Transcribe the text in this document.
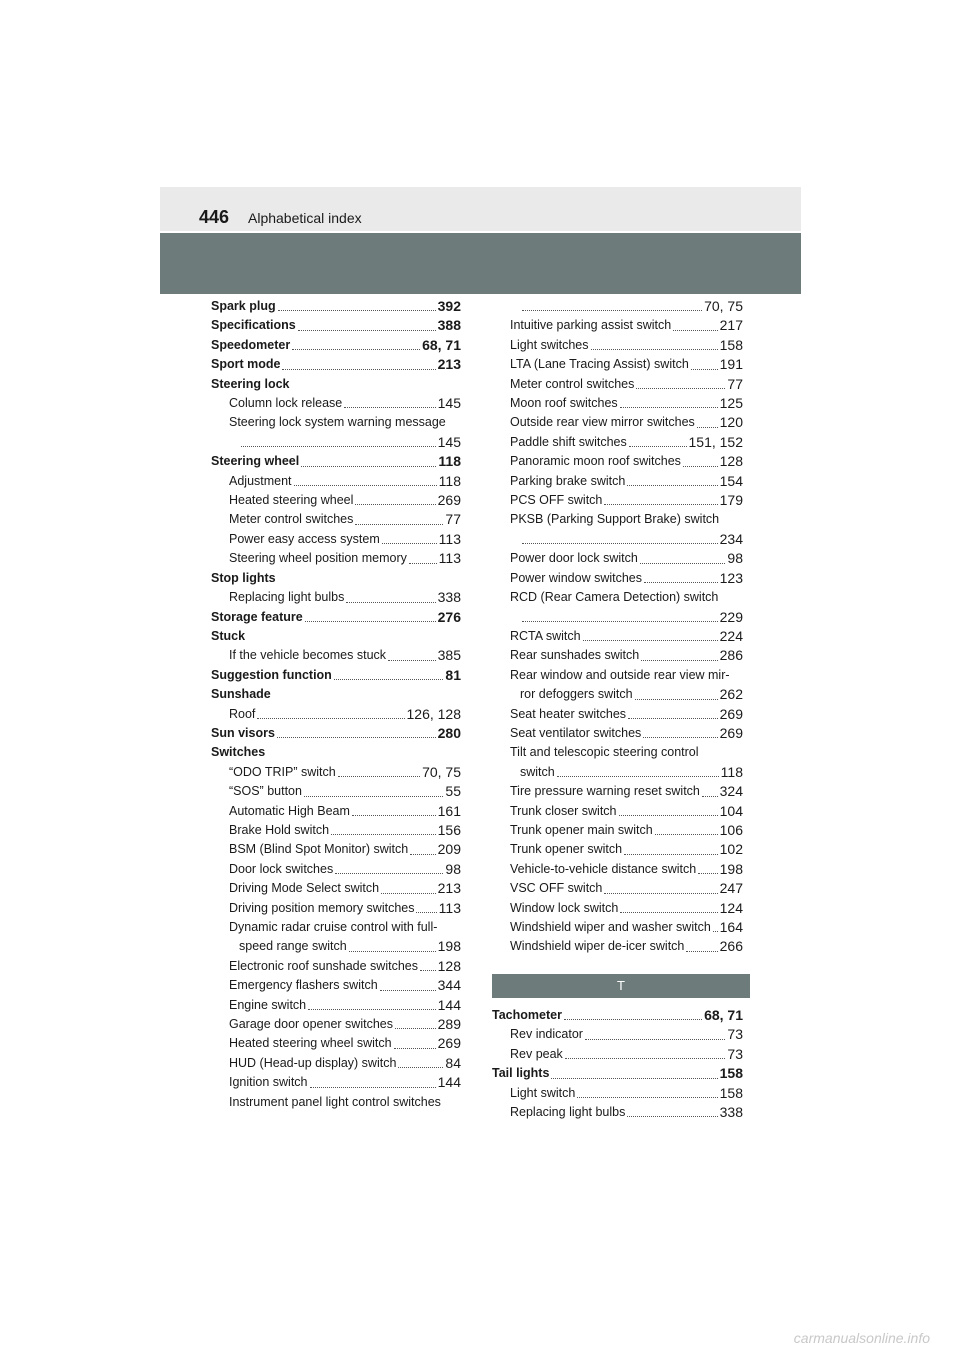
446 Alphabetical index
Spark plug	392
Specifications	388
Speedometer	68, 71
Sport mode	213
Steering lock
Column lock release	145
Steering lock system warning message
145
Steering wheel	118
Adjustment	118
Heated steering wheel	269
Meter control switches	77
Power easy access system	113
Steering wheel position memory 113
Stop lights
Replacing light bulbs	338
Storage feature	276
Stuck
If the vehicle becomes stuck	385
Suggestion function	81
Sunshade
Roof	126, 128
Sun visors	280
Switches
“ODO TRIP” switch	70, 75
“SOS” button	55
Automatic High Beam	161
Brake Hold switch	156
BSM (Blind Spot Monitor) switch 209
Door lock switches	98
Driving Mode Select switch	213
Driving position memory switches 113
Dynamic radar cruise control with full-
speed range switch	198
Electronic roof sunshade switches 128
Emergency flashers switch	344
Engine switch	144
Garage door opener switches	289
Heated steering wheel switch	269
HUD (Head-up display) switch	84
Ignition switch	144
Instrument panel light control switches
70, 75
Intuitive parking assist switch	217
Light switches	158
LTA (Lane Tracing Assist) switch 191
Meter control switches	77
Moon roof switches	125
Outside rear view mirror switches 120
Paddle shift switches	151, 152
Panoramic moon roof switches	128
Parking brake switch	154
PCS OFF switch	179
PKSB (Parking Support Brake) switch
234
Power door lock switch	98
Power window switches	123
RCD (Rear Camera Detection) switch
229
RCTA switch	224
Rear sunshades switch	286
Rear window and outside rear view mir-
ror defoggers switch	262
Seat heater switches	269
Seat ventilator switches	269
Tilt and telescopic steering control
switch	118
Tire pressure warning reset switch 324
Trunk closer switch	104
Trunk opener main switch	106
Trunk opener switch	102
Vehicle-to-vehicle distance switch 198
VSC OFF switch	247
Window lock switch	124
Windshield wiper and washer switch 164
Windshield wiper de-icer switch	266
T
Tachometer	68, 71
Rev indicator	73
Rev peak	73
Tail lights	158
Light switch	158
Replacing light bulbs	338
carmanualsonline.info
